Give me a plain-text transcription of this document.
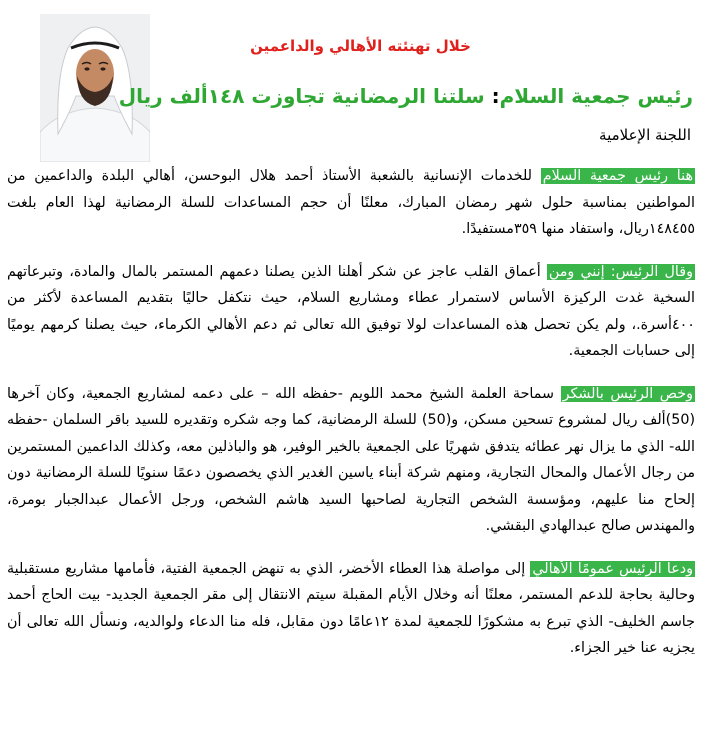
خلال تهنئته الأهالي والداعمين
رئيس جمعية السلام: سلتنا الرمضانية تجاوزت ١٤٨ألف ريال
اللجنة الإعلامية

هنأ رئيس جمعية السلام للخدمات الإنسانية بالشعبة الأستاذ أحمد هلال البوحسن، أهالي البلدة والداعمين من المواطنين بمناسبة حلول شهر رمضان المبارك، معلنًا أن حجم المساعدات للسلة الرمضانية لهذا العام بلغت ١٤٨٤٥٥ريال، واستفاد منها ٣٥٩مستفيدًا.

وقال الرئيس: إنني ومن أعماق القلب عاجز عن شكر أهلنا الذين يصلنا دعمهم المستمر بالمال والمادة، وتبرعاتهم السخية غدت الركيزة الأساس لاستمرار عطاء ومشاريع السلام، حيث نتكفل حاليًا بتقديم المساعدة لأكثر من ٤٠٠أسرة.، ولم يكن تحصل هذه المساعدات لولا توفيق الله تعالى ثم دعم الأهالي الكرماء، حيث يصلنا كرمهم يوميًا إلى حسابات الجمعية.

وخص الرئيس بالشكر سماحة العلمة الشيخ محمد اللويم -حفظه الله – على دعمه لمشاريع الجمعية، وكان آخرها (50)ألف ريال لمشروع تسحين مسكن، و(50) للسلة الرمضانية، كما وجه شكره وتقديره للسيد باقر السلمان -حفظه الله- الذي ما يزال نهر عطائه يتدفق شهريًا على الجمعية بالخير الوفير، هو والباذلين معه، وكذلك الداعمين المستمرين من رجال الأعمال والمحال التجارية، ومنهم شركة أبناء ياسين الغدير الذي يخصصون دعمًا سنويًا للسلة الرمضانية دون إلحاح منا عليهم، ومؤسسة الشخص التجارية لصاحبها السيد هاشم الشخص، ورجل الأعمال عبدالجبار بومرة، والمهندس صالح عبدالهادي البقشي.

ودعا الرئيس عمومًا الأهالي إلى مواصلة هذا العطاء الأخضر، الذي به تنهض الجمعية الفتية، فأمامها مشاريع مستقبلية وحالية بحاجة للدعم المستمر، معلنًا أنه وخلال الأيام المقبلة سيتم الانتقال إلى مقر الجمعية الجديد- بيت الحاج أحمد جاسم الخليف- الذي تبرع به مشكورًا للجمعية لمدة ١٢عامًا دون مقابل، فله منا الدعاء ولوالديه، ونسأل الله تعالى أن يجزيه عنا خير الجزاء.
